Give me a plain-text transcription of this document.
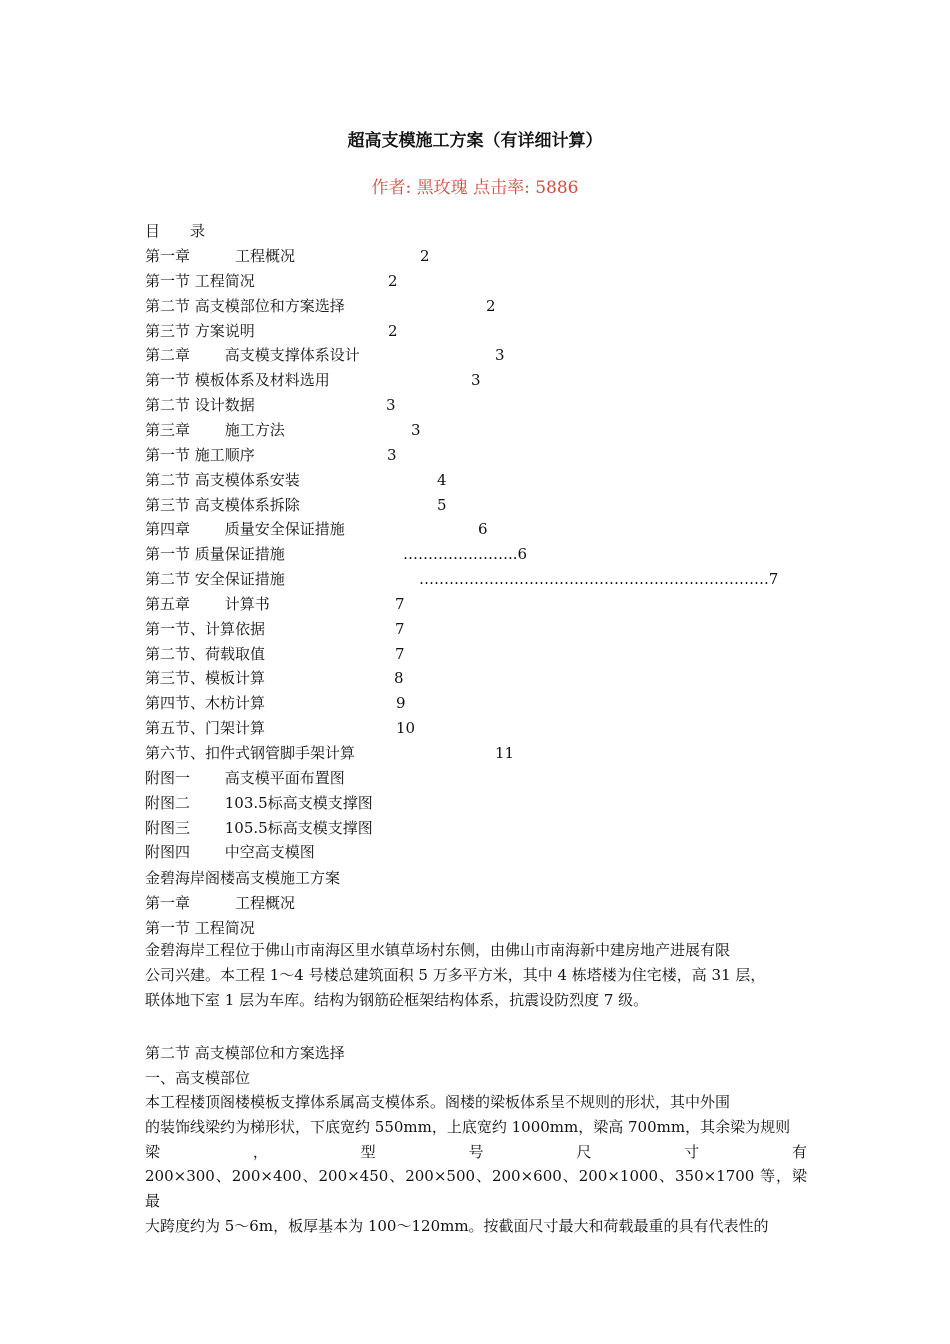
超高支模施工方案（有详细计算）
作者: 黑玫瑰 点击率: 5886
目　　录
第一章　　　工程概况	2
第一节 工程简况	2
第二节 高支模部位和方案选择	2
第三节 方案说明	2
第二章　　 高支模支撑体系设计	3
第一节 模板体系及材料选用	3
第二节 设计数据	3
第三章　　 施工方法	3
第一节 施工顺序	3
第二节 高支模体系安装	4
第三节 高支模体系拆除	5
第四章　　 质量安全保证措施	6
第一节 质量保证措施	…………………..6
第二节 安全保证措施	…………………………………………………………….7
第五章　　 计算书	7
第一节、计算依据	7
第二节、荷载取值	7
第三节、模板计算	8
第四节、木枋计算	9
第五节、门架计算	10
第六节、扣件式钢管脚手架计算	11
附图一　　 高支模平面布置图
附图二　　 103.5标高支模支撑图
附图三　　 105.5标高支模支撑图
附图四　　 中空高支模图
金碧海岸阁楼高支模施工方案
第一章　　　工程概况
第一节 工程简况
金碧海岸工程位于佛山市南海区里水镇草场村东侧，由佛山市南海新中建房地产进展有限
公司兴建。本工程 1～4 号楼总建筑面积 5 万多平方米，其中 4 栋塔楼为住宅楼，高 31 层，
联体地下室 1 层为车库。结构为钢筋砼框架结构体系，抗震设防烈度 7 级。
第二节 高支模部位和方案选择
一、高支模部位
本工程楼顶阁楼模板支撑体系属高支模体系。阁楼的梁板体系呈不规则的形状，其中外围
的装饰线梁约为梯形状，下底宽约 550mm，上底宽约 1000mm，梁高 700mm，其余梁为规则
梁	，	型	号	尺	寸	有
200×300、200×400、200×450、200×500、200×600、200×1000、350×1700 等，梁最
大跨度约为 5～6m，板厚基本为 100～120mm。按截面尺寸最大和荷载最重的具有代表性的
